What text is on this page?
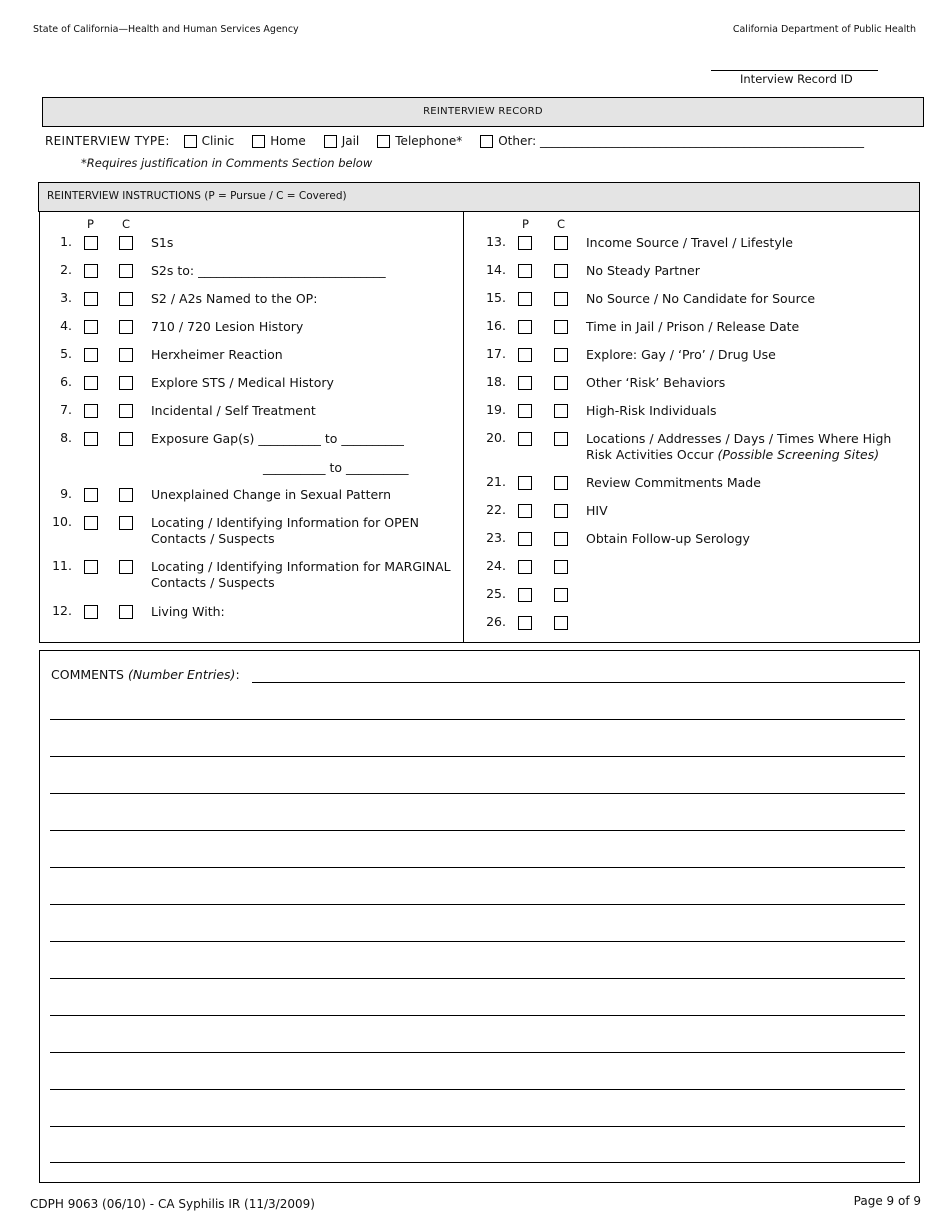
State of California—Health and Human Services Agency	California Department of Public Health
Interview Record ID
REINTERVIEW RECORD
REINTERVIEW TYPE:	Clinic	Home	Jail	Telephone*	Other: ______________________________________________________
*Requires justification in Comments Section below
REINTERVIEW INSTRUCTIONS (P = Pursue / C = Covered)
P C	P C
1.	S1s
2.	S2s to: ______________________________
3.	S2 / A2s Named to the OP:
4.	710 / 720 Lesion History
5.	Herxheimer Reaction
6.	Explore STS / Medical History
7.	Incidental / Self Treatment
8.	Exposure Gap(s) __________ to __________
9.	Unexplained Change in Sexual Pattern
10.	Locating / Identifying Information for OPEN Contacts / Suspects
11.	Locating / Identifying Information for MARGINAL Contacts / Suspects
12.	Living With:
13.	Income Source / Travel / Lifestyle
14.	No Steady Partner
15.	No Source / No Candidate for Source
16.	Time in Jail / Prison / Release Date
17.	Explore: Gay / ‘Pro’ / Drug Use
18.	Other ‘Risk’ Behaviors
19.	High-Risk Individuals
20.	Locations / Addresses / Days / Times Where High Risk Activities Occur (Possible Screening Sites)
21.	Review Commitments Made
22.	HIV
23.	Obtain Follow-up Serology
24.
25.
26.
__________ to __________
COMMENTS (Number Entries):
CDPH 9063 (06/10) - CA Syphilis IR (11/3/2009)	Page 9 of 9
